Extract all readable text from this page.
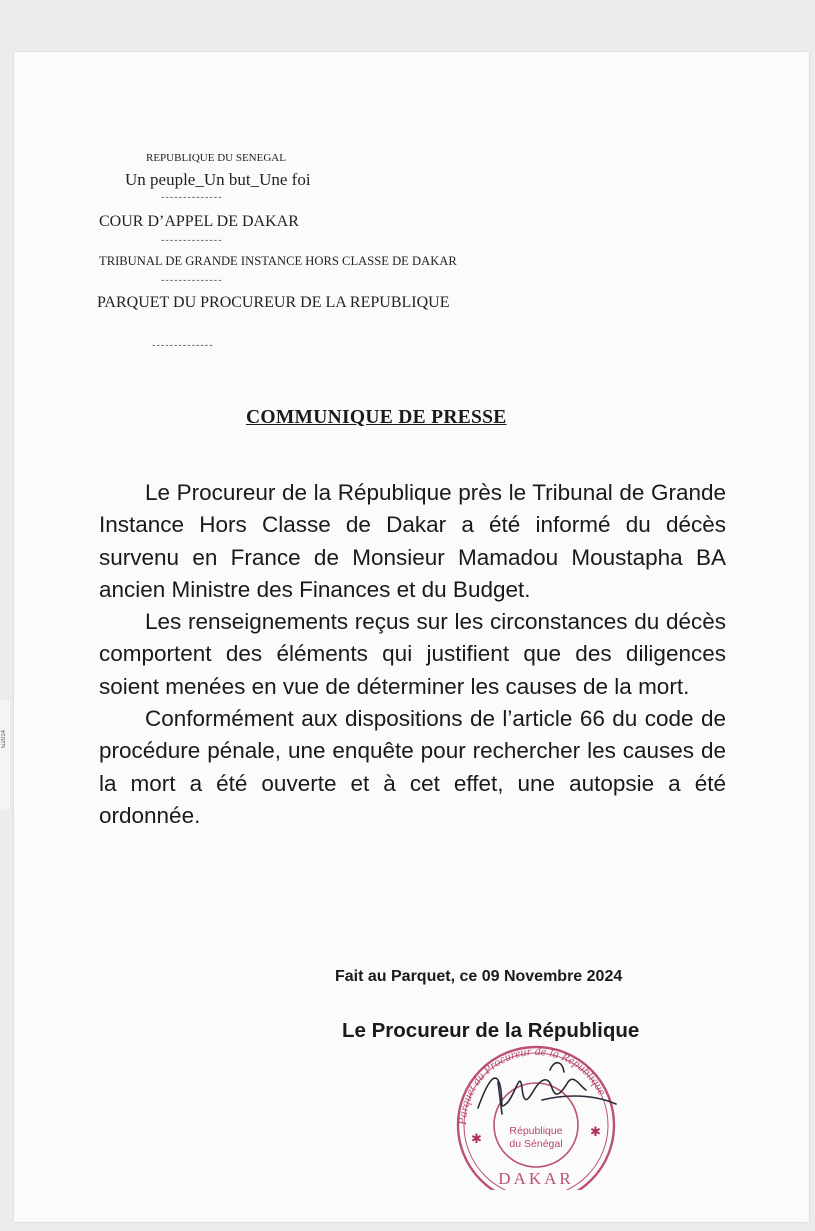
\u2014
REPUBLIQUE DU SENEGAL
Un peuple_Un but_Une foi
--------------
COUR D’APPEL DE DAKAR
--------------
TRIBUNAL DE GRANDE INSTANCE HORS CLASSE DE DAKAR
--------------
PARQUET DU PROCUREUR DE LA REPUBLIQUE
--------------
COMMUNIQUE DE PRESSE

Le Procureur de la République près le Tribunal de Grande Instance Hors Classe de Dakar a été informé du décès survenu en France de Monsieur Mamadou Moustapha BA ancien Ministre des Finances et du Budget.

Les renseignements reçus sur les circonstances du décès comportent des éléments qui justifient que des diligences soient menées en vue de déterminer les causes de la mort.

Conformément aux dispositions de l’article 66 du code de procédure pénale, une enquête pour rechercher les causes de la mort a été ouverte et à cet effet, une autopsie a été ordonnée.

Fait au Parquet, ce 09 Novembre 2024
Le Procureur de la République
Parquet du Procureur de la République
République
du Sénégal
DAKAR
✱	✱
